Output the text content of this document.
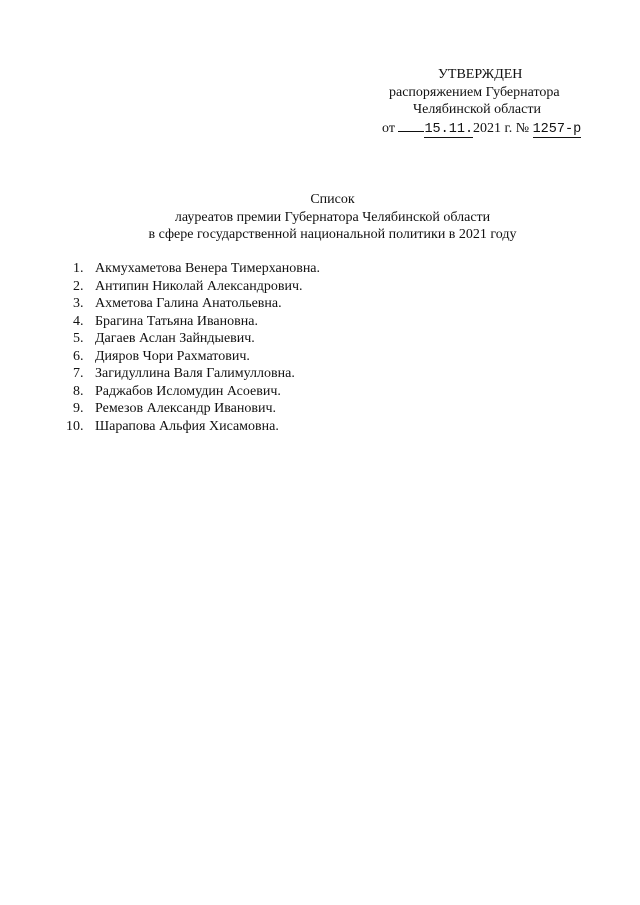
УТВЕРЖДЕН
распоряжением Губернатора
Челябинской области
от 15.11.2021 г. № 1257-р
Список
лауреатов премии Губернатора Челябинской области
в сфере государственной национальной политики в 2021 году
1. Акмухаметова Венера Тимерхановна.
2. Антипин Николай Александрович.
3. Ахметова Галина Анатольевна.
4. Брагина Татьяна Ивановна.
5. Дагаев Аслан Зайндыевич.
6. Дияров Чори Рахматович.
7. Загидуллина Валя Галимулловна.
8. Раджабов Исломудин Асоевич.
9. Ремезов Александр Иванович.
10. Шарапова Альфия Хисамовна.
